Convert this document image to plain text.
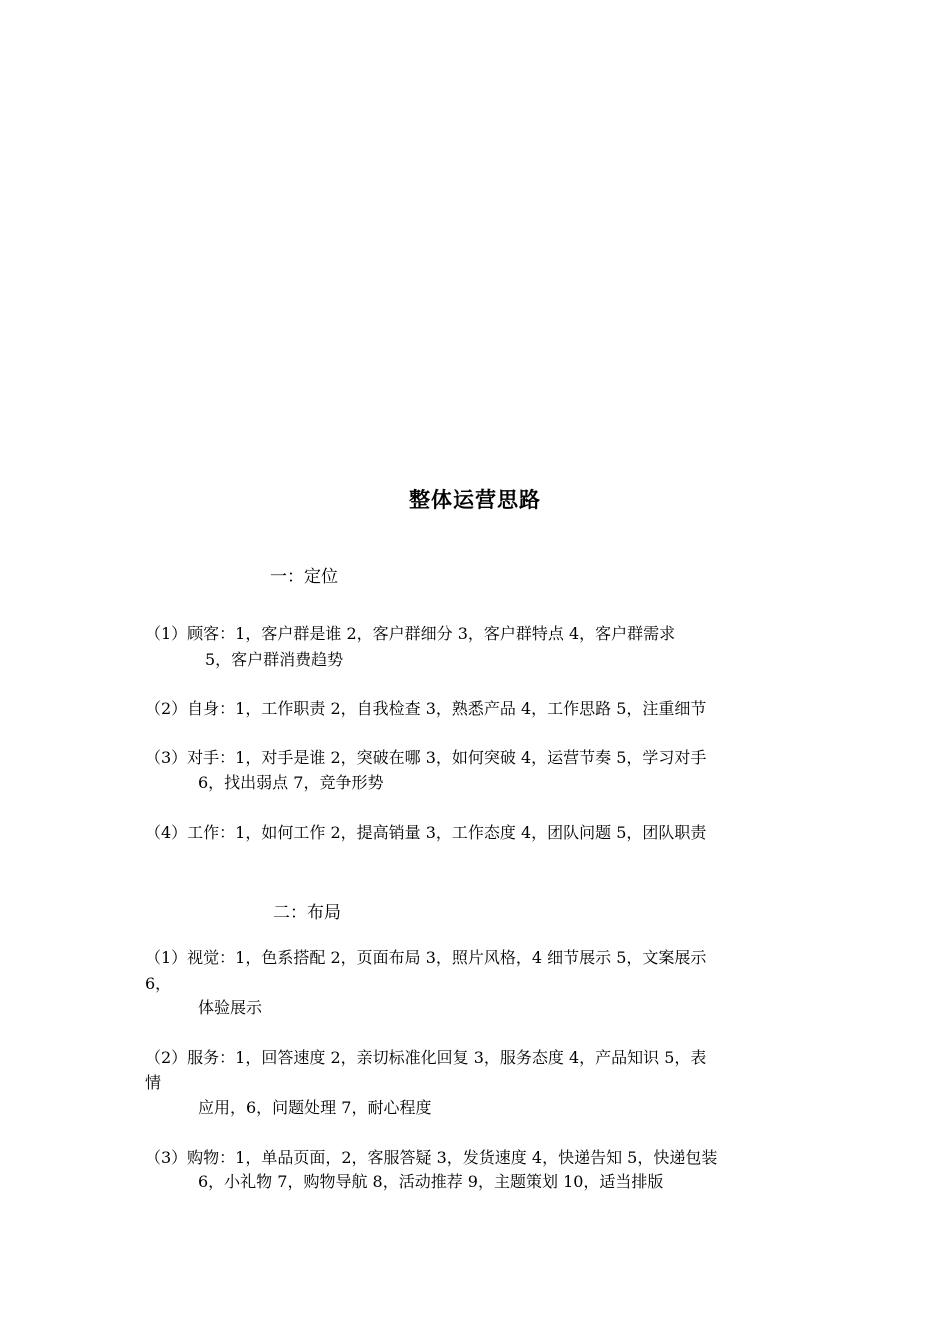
整体运营思路
一：定位
（1）顾客：1，客户群是谁 2，客户群细分 3，客户群特点 4，客户群需求
5，客户群消费趋势
（2）自身：1，工作职责 2，自我检查 3，熟悉产品 4，工作思路 5，注重细节
（3）对手：1，对手是谁 2，突破在哪 3，如何突破 4，运营节奏 5，学习对手
6，找出弱点 7，竞争形势
（4）工作：1，如何工作 2，提高销量 3，工作态度 4，团队问题 5，团队职责
二：布局
（1）视觉：1，色系搭配 2，页面布局 3，照片风格，4 细节展示 5，文案展示
6，
体验展示
（2）服务：1，回答速度 2，亲切标准化回复 3，服务态度 4，产品知识 5，表
情
应用，6，问题处理 7，耐心程度
（3）购物：1，单品页面，2，客服答疑 3，发货速度 4，快递告知 5，快递包装
6，小礼物 7，购物导航 8，活动推荐 9，主题策划 10，适当排版
